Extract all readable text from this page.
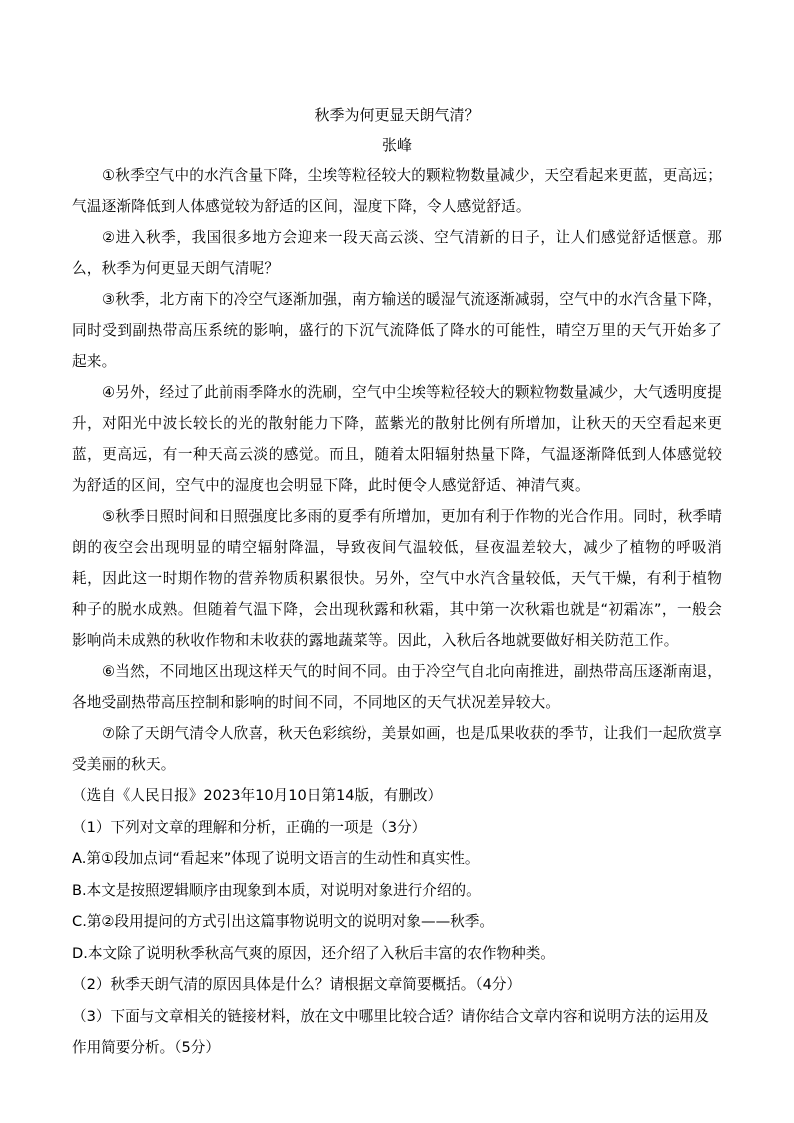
秋季为何更显天朗气清？
张峰

①秋季空气中的水汽含量下降，尘埃等粒径较大的颗粒物数量减少，天空看起来更蓝，更高远；气温逐渐降低到人体感觉较为舒适的区间，湿度下降，令人感觉舒适。

②进入秋季，我国很多地方会迎来一段天高云淡、空气清新的日子，让人们感觉舒适惬意。那么，秋季为何更显天朗气清呢？

③秋季，北方南下的冷空气逐渐加强，南方输送的暖湿气流逐渐减弱，空气中的水汽含量下降，同时受到副热带高压系统的影响，盛行的下沉气流降低了降水的可能性，晴空万里的天气开始多了起来。

④另外，经过了此前雨季降水的洗刷，空气中尘埃等粒径较大的颗粒物数量减少，大气透明度提升，对阳光中波长较长的光的散射能力下降，蓝紫光的散射比例有所增加，让秋天的天空看起来更蓝，更高远，有一种天高云淡的感觉。而且，随着太阳辐射热量下降，气温逐渐降低到人体感觉较为舒适的区间，空气中的湿度也会明显下降，此时便令人感觉舒适、神清气爽。

⑤秋季日照时间和日照强度比多雨的夏季有所增加，更加有利于作物的光合作用。同时，秋季晴朗的夜空会出现明显的晴空辐射降温，导致夜间气温较低，昼夜温差较大，减少了植物的呼吸消耗，因此这一时期作物的营养物质积累很快。另外，空气中水汽含量较低，天气干燥，有利于植物种子的脱水成熟。但随着气温下降，会出现秋露和秋霜，其中第一次秋霜也就是“初霜冻”，一般会影响尚未成熟的秋收作物和未收获的露地蔬菜等。因此，入秋后各地就要做好相关防范工作。

⑥当然，不同地区出现这样天气的时间不同。由于冷空气自北向南推进，副热带高压逐渐南退，各地受副热带高压控制和影响的时间不同，不同地区的天气状况差异较大。

⑦除了天朗气清令人欣喜，秋天色彩缤纷，美景如画，也是瓜果收获的季节，让我们一起欣赏享受美丽的秋天。

（选自《人民日报》2023年10月10日第14版，有删改）

（1）下列对文章的理解和分析，正确的一项是（3分）

A.第①段加点词“看起来”体现了说明文语言的生动性和真实性。

B.本文是按照逻辑顺序由现象到本质，对说明对象进行介绍的。

C.第②段用提问的方式引出这篇事物说明文的说明对象——秋季。

D.本文除了说明秋季秋高气爽的原因，还介绍了入秋后丰富的农作物种类。

（2）秋季天朗气清的原因具体是什么？请根据文章简要概括。（4分）

（3）下面与文章相关的链接材料，放在文中哪里比较合适？请你结合文章内容和说明方法的运用及作用简要分析。（5分）
